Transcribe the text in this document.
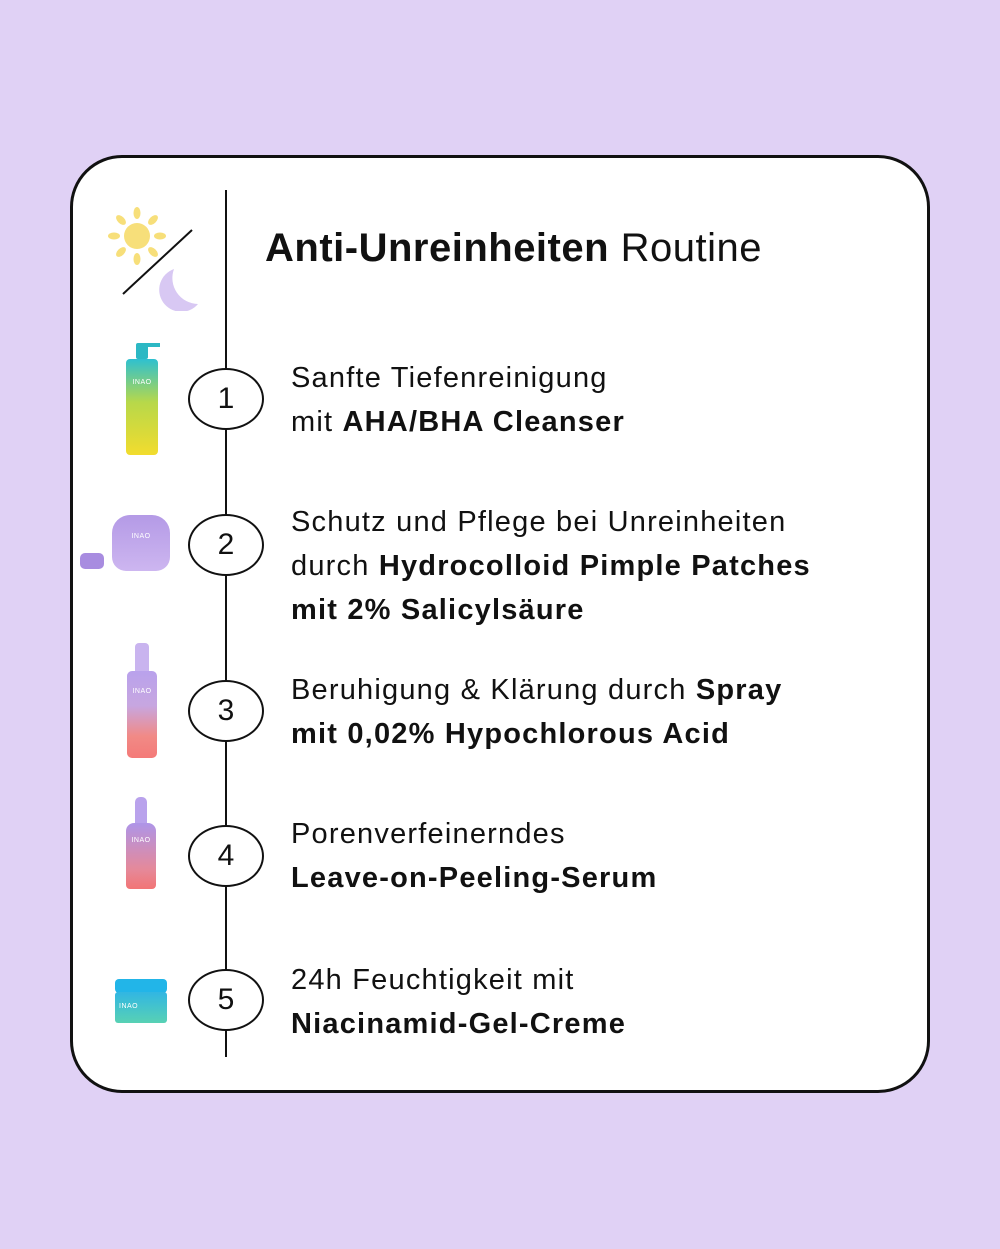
Anti-Unreinheiten Routine
INAO
INAO
INAO
INAO
INAO
1
2
3
4
5
Sanfte Tiefenreinigung
mit AHA/BHA Cleanser
Schutz und Pflege bei Unreinheiten
durch Hydrocolloid Pimple Patches
mit 2% Salicylsäure
Beruhigung & Klärung durch Spray
mit 0,02% Hypochlorous Acid
Porenverfeinerndes
Leave-on-Peeling-Serum
24h Feuchtigkeit mit
Niacinamid-Gel-Creme
